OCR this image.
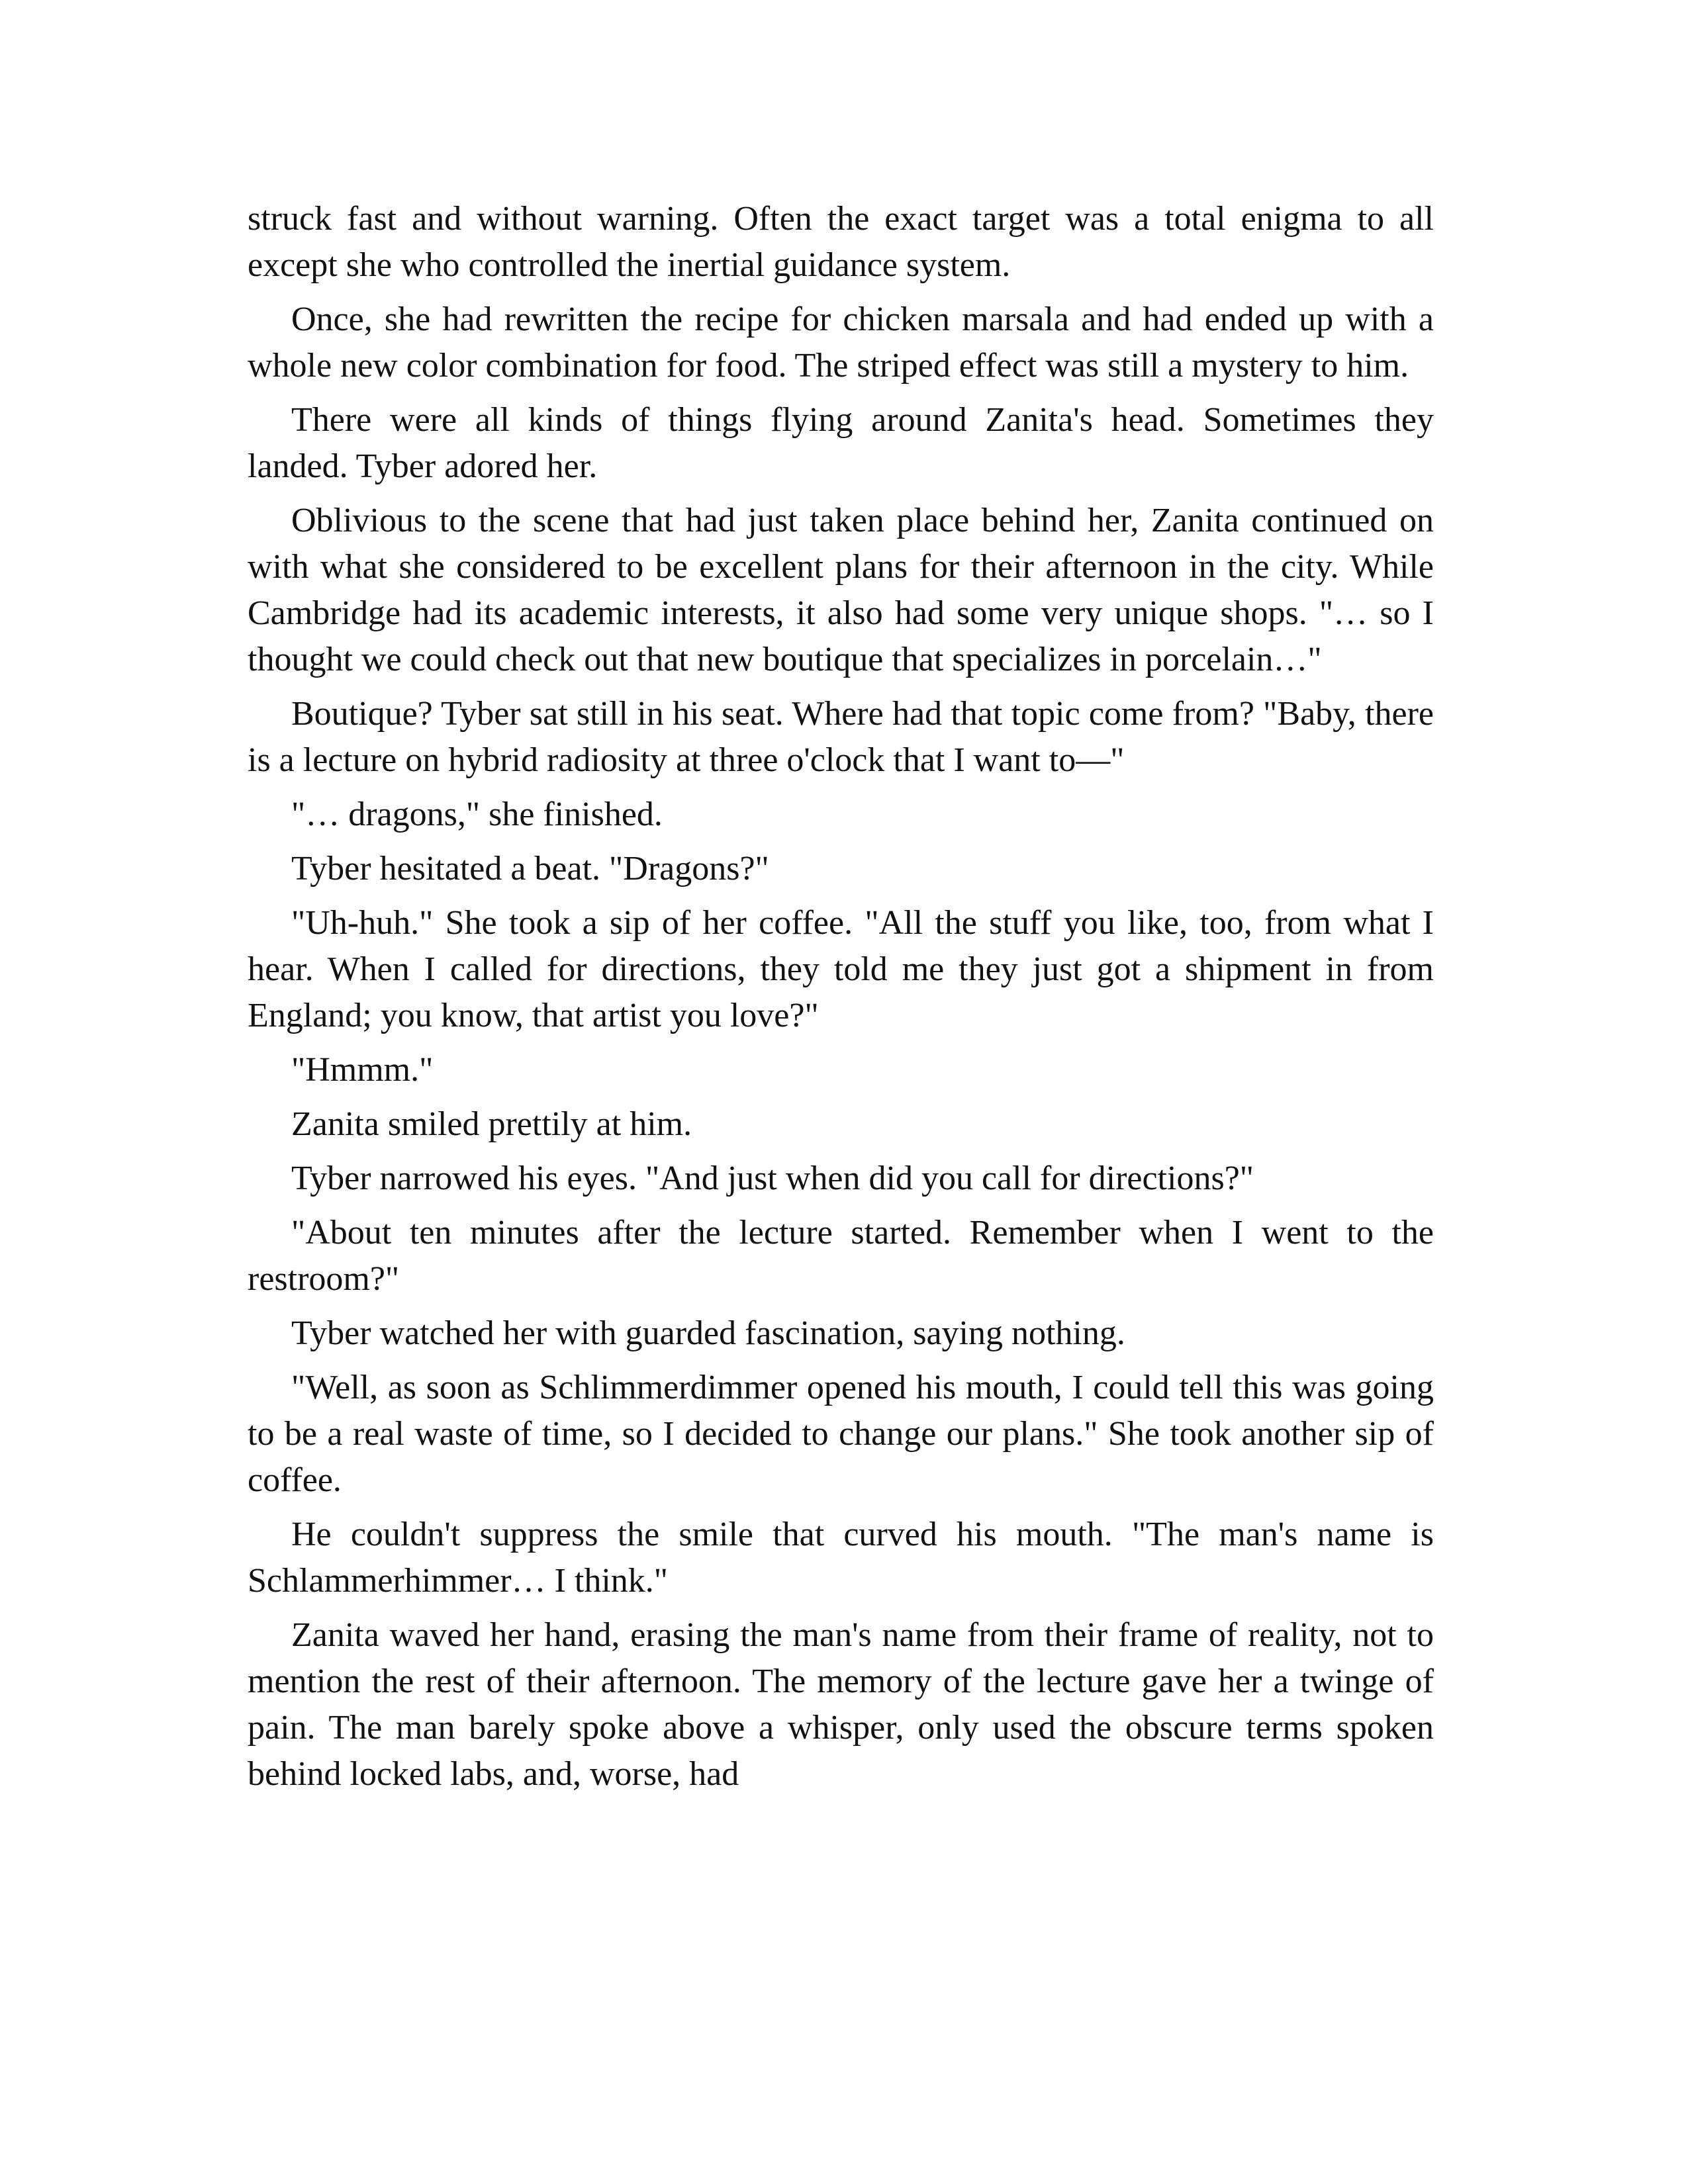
struck fast and without warning. Often the exact target was a total enigma to all except she who controlled the inertial guidance system.

Once, she had rewritten the recipe for chicken marsala and had ended up with a whole new color combination for food. The striped effect was still a mystery to him.

There were all kinds of things flying around Zanita's head. Sometimes they landed. Tyber adored her.

Oblivious to the scene that had just taken place behind her, Zanita continued on with what she considered to be excellent plans for their afternoon in the city. While Cambridge had its academic interests, it also had some very unique shops. "… so I thought we could check out that new boutique that specializes in porcelain…"

Boutique? Tyber sat still in his seat. Where had that topic come from? "Baby, there is a lecture on hybrid radiosity at three o'clock that I want to—"

"… dragons," she finished.

Tyber hesitated a beat. "Dragons?"

"Uh-huh." She took a sip of her coffee. "All the stuff you like, too, from what I hear. When I called for directions, they told me they just got a shipment in from England; you know, that artist you love?"

"Hmmm."

Zanita smiled prettily at him.

Tyber narrowed his eyes. "And just when did you call for directions?"

"About ten minutes after the lecture started. Remember when I went to the restroom?"

Tyber watched her with guarded fascination, saying nothing.

"Well, as soon as Schlimmerdimmer opened his mouth, I could tell this was going to be a real waste of time, so I decided to change our plans." She took another sip of coffee.

He couldn't suppress the smile that curved his mouth. "The man's name is Schlammerhimmer… I think."

Zanita waved her hand, erasing the man's name from their frame of reality, not to mention the rest of their afternoon. The memory of the lecture gave her a twinge of pain. The man barely spoke above a whisper, only used the obscure terms spoken behind locked labs, and, worse, had
